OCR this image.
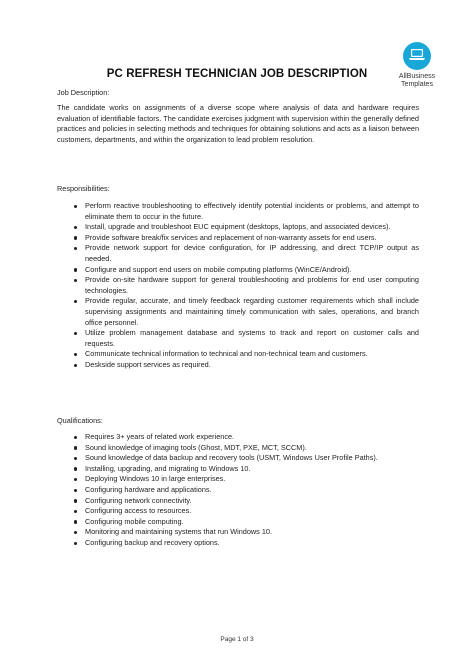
AllBusiness
Templates
PC REFRESH TECHNICIAN JOB DESCRIPTION
Job Description:
The candidate works on assignments of a diverse scope where analysis of data and hardware requires evaluation of identifiable factors. The candidate exercises judgment with supervision within the generally defined practices and policies in selecting methods and techniques for obtaining solutions and acts as a liaison between customers, departments, and within the organization to lead problem resolution.
Responsibilities:
Perform reactive troubleshooting to effectively identify potential incidents or problems, and attempt to eliminate them to occur in the future.
Install, upgrade and troubleshoot EUC equipment (desktops, laptops, and associated devices).
Provide software break/fix services and replacement of non-warranty assets for end users.
Provide network support for device configuration, for IP addressing, and direct TCP/IP output as needed.
Configure and support end users on mobile computing platforms (WinCE/Android).
Provide on-site hardware support for general troubleshooting and problems for end user computing technologies.
Provide regular, accurate, and timely feedback regarding customer requirements which shall include supervising assignments and maintaining timely communication with sales, operations, and branch office personnel.
Utilize problem management database and systems to track and report on customer calls and requests.
Communicate technical information to technical and non-technical team and customers.
Deskside support services as required.
Qualifications:
Requires 3+ years of related work experience.
Sound knowledge of imaging tools (Ghost, MDT, PXE, MCT, SCCM).
Sound knowledge of data backup and recovery tools (USMT, Windows User Profile Paths).
Installing, upgrading, and migrating to Windows 10.
Deploying Windows 10 in large enterprises.
Configuring hardware and applications.
Configuring network connectivity.
Configuring access to resources.
Configuring mobile computing.
Monitoring and maintaining systems that run Windows 10.
Configuring backup and recovery options.
Page 1 of 3
